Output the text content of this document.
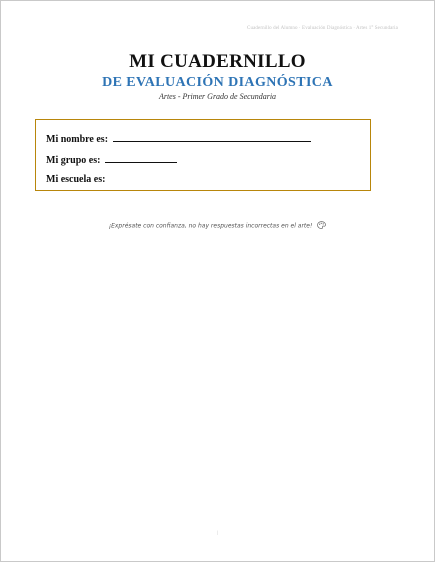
Cuadernillo del Alumno · Evaluación Diagnóstica · Artes 1° Secundaria
MI CUADERNILLO
DE EVALUACIÓN DIAGNÓSTICA
Artes - Primer Grado de Secundaria
Mi nombre es:
Mi grupo es:
Mi escuela es:
¡Exprésate con confianza, no hay respuestas incorrectas en el arte!
|
